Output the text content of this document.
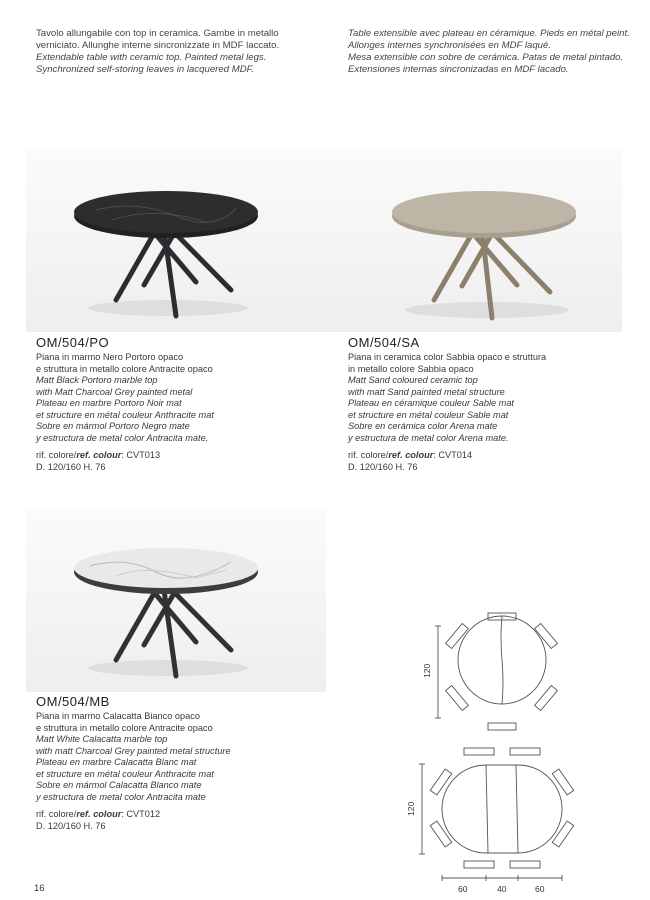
Tavolo allungabile con top in ceramica. Gambe in metallo
verniciato. Allunghe interne sincronizzate in MDF laccato.
Extendable table with ceramic top. Painted metal legs.
Synchronized self-storing leaves in lacquered MDF.
Table extensible avec plateau en céramique. Pieds en métal peint.
Allonges internes synchronisées en MDF laqué.
Mesa extensible con sobre de cerámica. Patas de metal pintado.
Extensiones internas sincronizadas en MDF lacado.
OM/504/PO
Piana in marmo Nero Portoro opaco
e struttura in metallo colore Antracite opaco
Matt Black Portoro marble top
with Matt Charcoal Grey painted metal
Plateau en marbre Portoro Noir mat
et structure en métal couleur Anthracite mat
Sobre en mármol Portoro Negro mate
y estructura de metal color Antracita mate.
rif. colore/ref. colour: CVT013
D. 120/160 H. 76
OM/504/SA
Piana in ceramica color Sabbia opaco e struttura
in metallo colore Sabbia opaco
Matt Sand coloured ceramic top
with matt Sand painted metal structure
Plateau en céramique couleur Sable mat
et structure en métal couleur Sable mat
Sobre en cerámica color Arena mate
y estructura de metal color Arena mate.
rif. colore/ref. colour: CVT014
D. 120/160 H. 76
OM/504/MB
Piana in marmo Calacatta Bianco opaco
e struttura in metallo colore Antracite opaco
Matt White Calacatta marble top
with matt Charcoal Grey painted metal structure
Plateau en marbre Calacatta Blanc mat
et structure en métal couleur Anthracite mat
Sobre en mármol Calacatta Blanco mate
y estructura de metal color Antracita mate
rif. colore/ref. colour: CVT012
D. 120/160 H. 76
120
120
60	40	60
16
